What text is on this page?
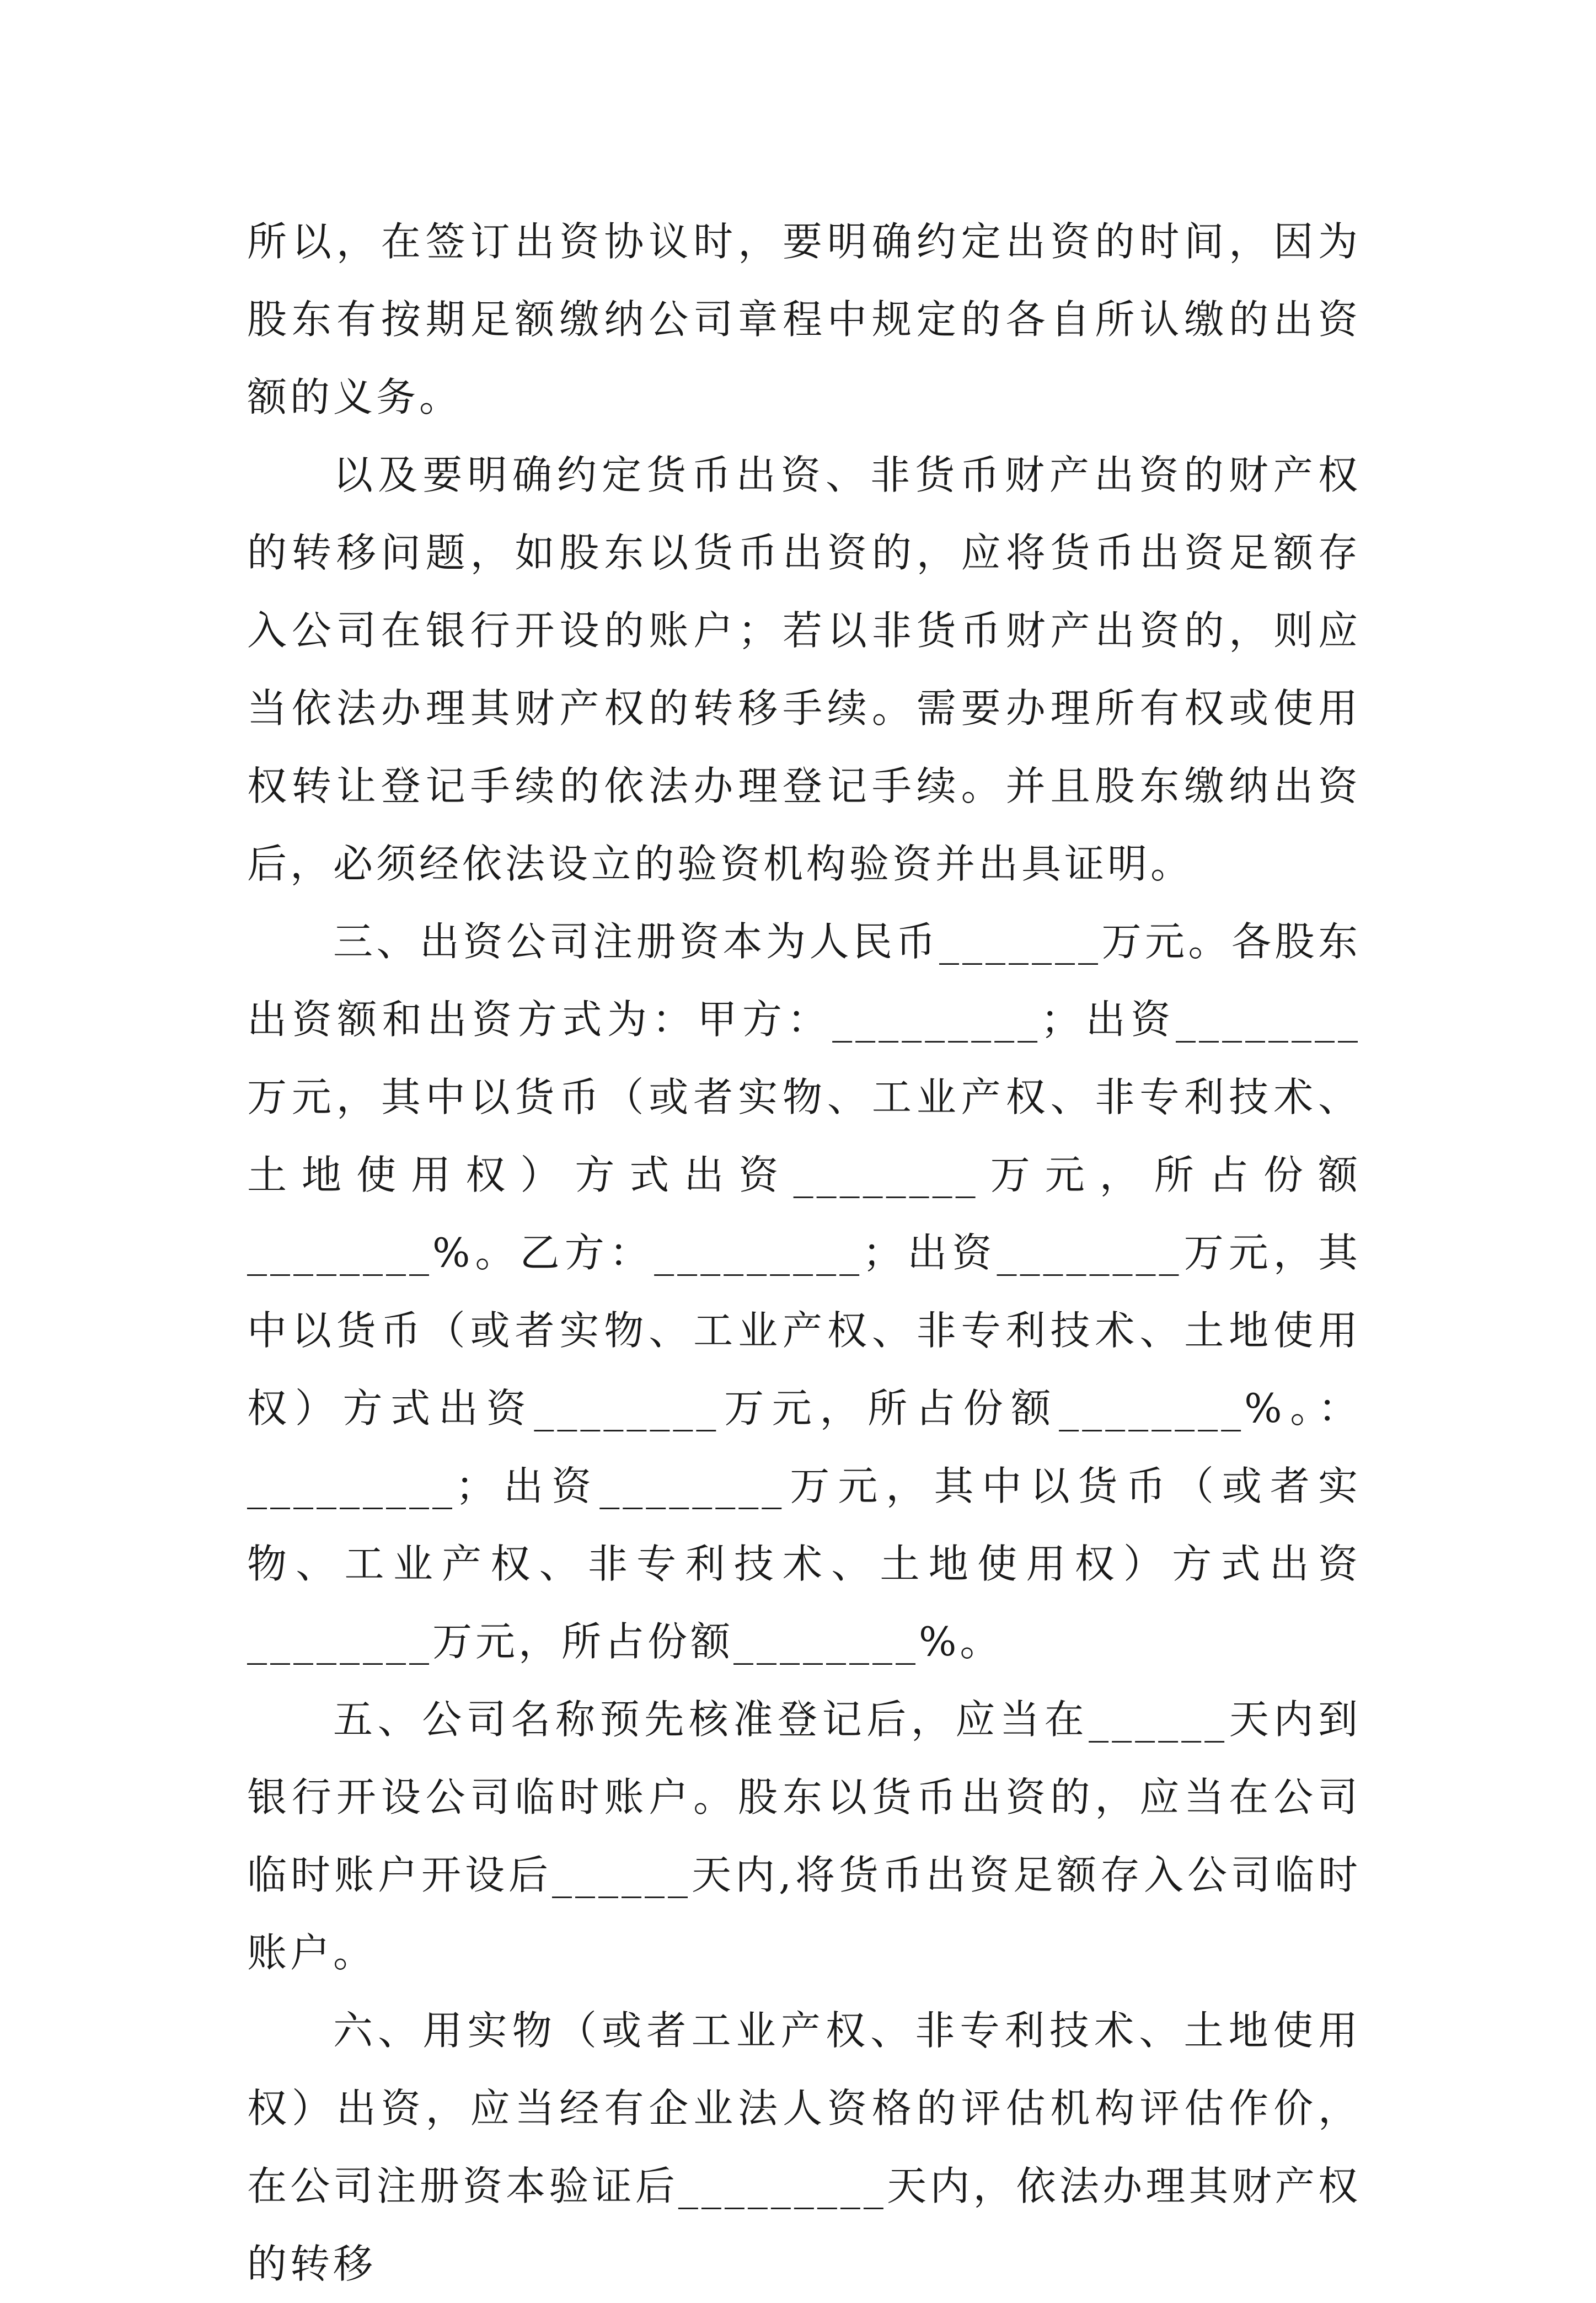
所以，在签订出资协议时，要明确约定出资的时间，因为股东有按期足额缴纳公司章程中规定的各自所认缴的出资额的义务。

以及要明确约定货币出资、非货币财产出资的财产权的转移问题，如股东以货币出资的，应将货币出资足额存入公司在银行开设的账户；若以非货币财产出资的，则应当依法办理其财产权的转移手续。需要办理所有权或使用权转让登记手续的依法办理登记手续。并且股东缴纳出资后，必须经依法设立的验资机构验资并出具证明。

三、出资公司注册资本为人民币_______万元。各股东出资额和出资方式为：甲方：_________；出资________万元，其中以货币（或者实物、工业产权、非专利技术、土地使用权）方式出资________万元，所占份额________%。乙方：_________；出资________万元，其中以货币（或者实物、工业产权、非专利技术、土地使用权）方式出资________万元，所占份额________%。：_________；出资________万元，其中以货币（或者实物、工业产权、非专利技术、土地使用权）方式出资________万元，所占份额________%。

五、公司名称预先核准登记后，应当在______天内到银行开设公司临时账户。股东以货币出资的，应当在公司临时账户开设后______天内,将货币出资足额存入公司临时账户。

六、用实物（或者工业产权、非专利技术、土地使用权）出资，应当经有企业法人资格的评估机构评估作价，在公司注册资本验证后_________天内，依法办理其财产权的转移
